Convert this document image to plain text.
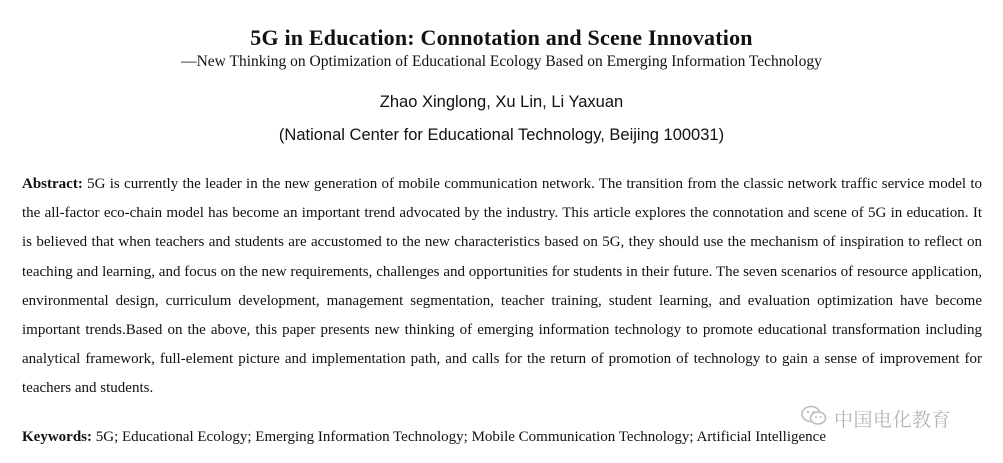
5G in Education: Connotation and Scene Innovation
—New Thinking on Optimization of Educational Ecology Based on Emerging Information Technology
Zhao Xinglong, Xu Lin, Li Yaxuan
(National Center for Educational Technology, Beijing 100031)

Abstract: 5G is currently the leader in the new generation of mobile communication network. The transition from the classic network traffic service model to the all-factor eco-chain model has become an important trend advocated by the industry. This article explores the connotation and scene of 5G in education. It is believed that when teachers and students are accustomed to the new characteristics based on 5G, they should use the mechanism of inspiration to reflect on teaching and learning, and focus on the new requirements, challenges and opportunities for students in their future. The seven scenarios of resource application, environmental design, curriculum development, management segmentation, teacher training, student learning, and evaluation optimization have become important trends.Based on the above, this paper presents new thinking of emerging information technology to promote educational transformation including analytical framework, full-element picture and implementation path, and calls for the return of promotion of technology to gain a sense of improvement for teachers and students.

Keywords: 5G; Educational Ecology; Emerging Information Technology; Mobile Communication Technology; Artificial Intelligence

中国电化教育
